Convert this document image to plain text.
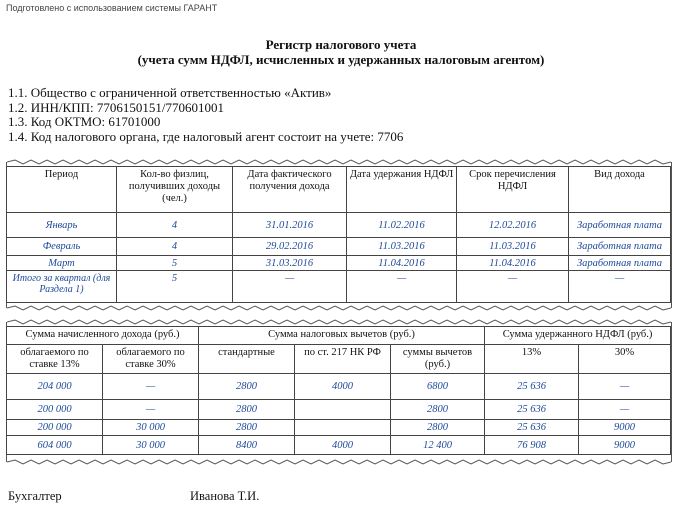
Подготовлено с использованием системы ГАРАНТ
Регистр налогового учета
(учета сумм НДФЛ, исчисленных и удержанных налоговым агентом)
1.1. Общество с ограниченной ответственностью «Актив»
1.2. ИНН/КПП: 7706150151/770601001
1.3. Код ОКТМО: 61701000
1.4. Код налогового органа, где налоговый агент состоит на учете: 7706
Период	Кол-во физлиц, получивших доходы (чел.)	Дата фактического получения дохода	Дата удержания НДФЛ	Срок перечисления НДФЛ	Вид дохода
Январь	4	31.01.2016	11.02.2016	12.02.2016	Заработная плата
Февраль	4	29.02.2016	11.03.2016	11.03.2016	Заработная плата
Март	5	31.03.2016	11.04.2016	11.04.2016	Заработная плата
Итого за квартал (для Раздела 1)	5	—	—	—	—
Сумма начисленного дохода (руб.)		Сумма налоговых вычетов (руб.)			Сумма удержанного НДФЛ (руб.)	
облагаемого по ставке 13%	облагаемого по ставке 30%	стандартные	по ст. 217 НК РФ	суммы вычетов (руб.)	13%	30%
204 000	—	2800	4000	6800	25 636	—
200 000	—	2800		2800	25 636	—
200 000	30 000	2800		2800	25 636	9000
604 000	30 000	8400	4000	12 400	76 908	9000
Бухгалтер	Иванова Т.И.
